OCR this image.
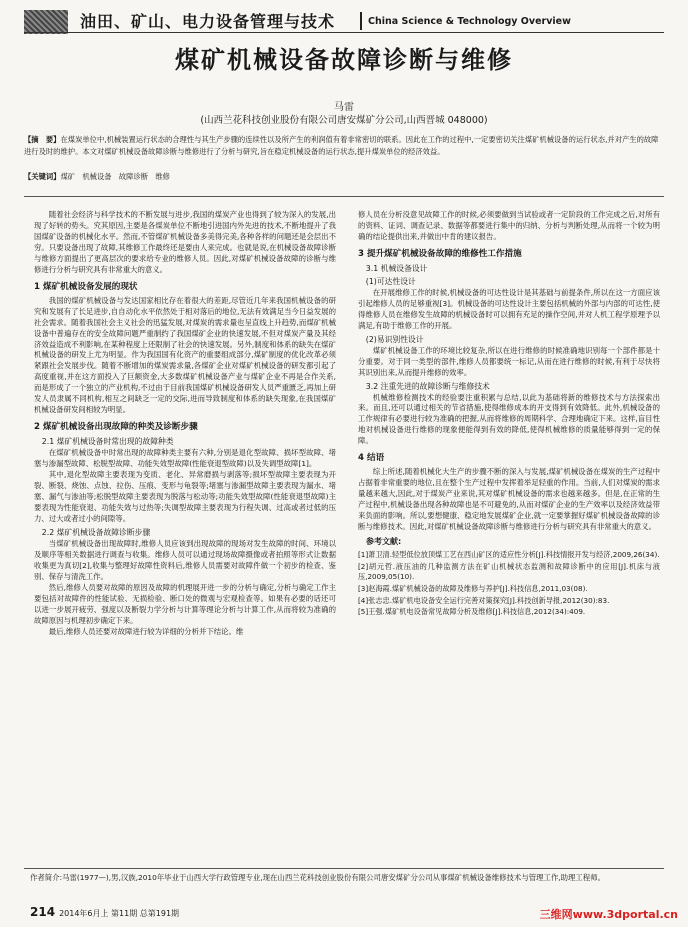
油田、矿山、电力设备管理与技术	China Science & Technology Overview
煤矿机械设备故障诊断与维修
马雷
(山西兰花科技创业股份有限公司唐安煤矿分公司,山西晋城 048000)
【摘　要】在煤炭单位中,机械装置运行状态的合理性与其生产步骤的连续性以及所产生的利润值有着非常密切的联系。因此在工作的过程中,一定要密切关注煤矿机械设备的运行状态,并对产生的故障进行及时的维护。本文对煤矿机械设备故障诊断与维修进行了分析与研究,旨在稳定机械设备的运行状态,提升煤炭单位的经济效益。
【关键词】煤矿　机械设备　故障诊断　维修

随着社会经济与科学技术的不断发展与进步,我国的煤炭产业也得到了较为深入的发展,出现了好转的势头。究其原因,主要是各煤炭单位不断地引进国内外先进的技术,不断地提升了我国煤矿设备的机械化水平。然而,不管煤矿机械设备多美得完美,各种各样的问题还是会层出不穷。只要设备出现了故障,其维修工作最终还是要由人来完成。也就是说,在机械设备故障诊断与维修方面提出了更高层次的要求给专业的维修人员。因此,对煤矿机械设备故障的诊断与维修进行分析与研究具有非常重大的意义。

1 煤矿机械设备发展的现状

我国的煤矿机械设备与发达国家相比存在着很大的差距,尽管近几年来我国机械设备的研究和发展有了长足进步,自自动化水平依然处于相对落后的地位,无法有效满足当今日益发展的社会需求。随着我国社会主义社会的迅猛发展,对煤炭的需求量也呈直线上升趋势,而煤矿机械设备中普遍存在的安全故障问题严重制约了我国煤矿企业的快速发展,不但对煤炭产量及其经济效益造成不利影响,在某种程度上还限制了社会的快速发展。另外,制度和体系的缺失在煤矿机械设备的研发上尤为明显。作为我国国有化资产的重要组成部分,煤矿制度的优化改革必须紧跟社会发展步伐。随着不断增加的煤炭需求量,各煤矿企业对煤矿机械设备的研发都引起了高度重视,并在这方面投入了巨额资金,大多数煤矿机械设备产业与煤矿企业不再是合作关系,而是形成了一个独立的产业机构,不过由于目前我国煤矿机械设备研发人员严重匮乏,再加上研发人员隶属不同机构,相互之间缺乏一定的交际,进而导致制度和体系的缺失现象,在我国煤矿机械设备研发间相较为明显。

2 煤矿机械设备出现故障的种类及诊断步骤
2.1 煤矿机械设备时常出现的故障种类

在煤矿机械设备中时常出现的故障种类主要有六种,分别是退化型故障、损坏型故障、堵塞与渗漏型故障、松脱型故障、功能失效型故障(性能衰退型故障)以及失调型故障[1]。

其中,退化型故障主要表现为变质、老化、异常磨损与剥落等;损坏型故障主要表现为开裂、断裂、烧蚀、点蚀、拉伤、压痕、变形与龟裂等;堵塞与渗漏型故障主要表现为漏水、堵塞、漏气与渗油等;松脱型故障主要表现为脱落与松动等;功能失效型故障(性能衰退型故障)主要表现为性能衰退、功能失效与过热等;失调型故障主要表现为行程失调、过高或者过低的压力、过大或者过小的间隙等。

2.2 煤矿机械设备故障诊断步骤

当煤矿机械设备出现故障时,维修人员应该到出现故障的现场对发生故障的时间、环境以及顺序等相关数据进行调查与收集。维修人员可以通过现场故障摄像或者拍照等形式让数据收集更为真切[2],收集与整理好故障性资料后,维修人员需要对故障件做一个初步的检查、鉴别、保存与清洗工作。

然后,维修人员要对故障的原因及故障的机理展开进一步的分析与确定,分析与确定工作主要包括对故障件的性能试验、无损检验、断口处的微观与宏观检查等。如果有必要的话还可以进一步展开疲劳、强度以及断裂力学分析与计算等理论分析与计算工作,从而将较为准确的故障原因与机理初步确定下来。

最后,维修人员还要对故障进行较为详细的分析并下结论。维

修人员在分析没意见故障工作的时候,必须要做到当试验或者一定阶段的工作完成之后,对所有的资料、证词、调查记录、数据等都要进行集中的归纳、分析与判断处理,从而将一个较为明确的结论提供出来,并做出中肯的建议报告。

3 提升煤矿机械设备故障的维修性工作措施
3.1 机械设备设计
(1)可达性设计

在开展维修工作的时候,机械设备的可达性设计是其基础与前提条件,所以在这一方面应该引起维修人员的足够重视[3]。机械设备的可达性设计主要包括机械的外部与内部的可达性,使得维修人员在维修发生故障的机械设备时可以拥有充足的操作空间,并对人机工程学原理予以满足,有助于维修工作的开展。

(2)易识别性设计

煤矿机械设备工作的环境比较复杂,所以在进行维修的时候准确地识别每一个部件都是十分重要。对于同一类型的部件,维修人员都要统一标记,从而在进行维修的时候,有利于尽快将其识别出来,从而提升维修的效率。

3.2 注重先进的故障诊断与维修技术

机械维修检测技术的经验要注重积累与总结,以此为基础将新的维修技术与方法探索出来。而且,还可以通过相关的节省措施,使得维修成本的开支得到有效降低。此外,机械设备的工作规律有必要进行较为准确的把握,从而将维修的周期科学、合理地确定下来。这样,盲目性地对机械设备进行维修的现象便能得到有效的降低,使得机械维修的质量能够得到一定的保障。

4 结语

综上所述,随着机械化大生产的步骤不断的深入与发展,煤矿机械设备在煤炭的生产过程中占据着非常重要的地位,且在整个生产过程中发挥着举足轻重的作用。当前,人们对煤炭的需求量越来越大,因此,对于煤炭产业来说,其对煤矿机械设备的需求也越来越多。但是,在正常的生产过程中,机械设备出现各种故障也是不可避免的,从而对煤矿企业的生产效率以及经济效益带来负面的影响。所以,要想健康、稳定地发展煤矿企业,就一定要掌握好煤矿机械设备故障的诊断与维修技术。因此,对煤矿机械设备故障诊断与维修进行分析与研究具有非常重大的意义。

参考文献:
[1]萧卫清.轻型低位放顶煤工艺在西山矿区的适应性分析[J].科技情报开发与经济,2009,26(34).
[2]胡元哲.液压油的几种监测方法在矿山机械状态监测和故障诊断中的应用[J].机床与液压,2009,05(10).
[3]赵海霞.煤矿机械设备的故障及维修与养护[J].科技信息,2011,03(08).
[4]张志忠.煤矿机电设备安全运行完善对策探究[J].科技创新导报,2012(30):83.
[5]王强.煤矿机电设备常见故障分析及维修[J].科技信息,2012(34):409.
作者简介:马雷(1977—),男,汉族,2010年毕业于山西大学行政管理专业,现在山西兰花科技创业股份有限公司唐安煤矿分公司从事煤矿机械设备维修技术与管理工作,助理工程师。
214 2014年6月上 第11期 总第191期	三维网www.3dportal.cn
